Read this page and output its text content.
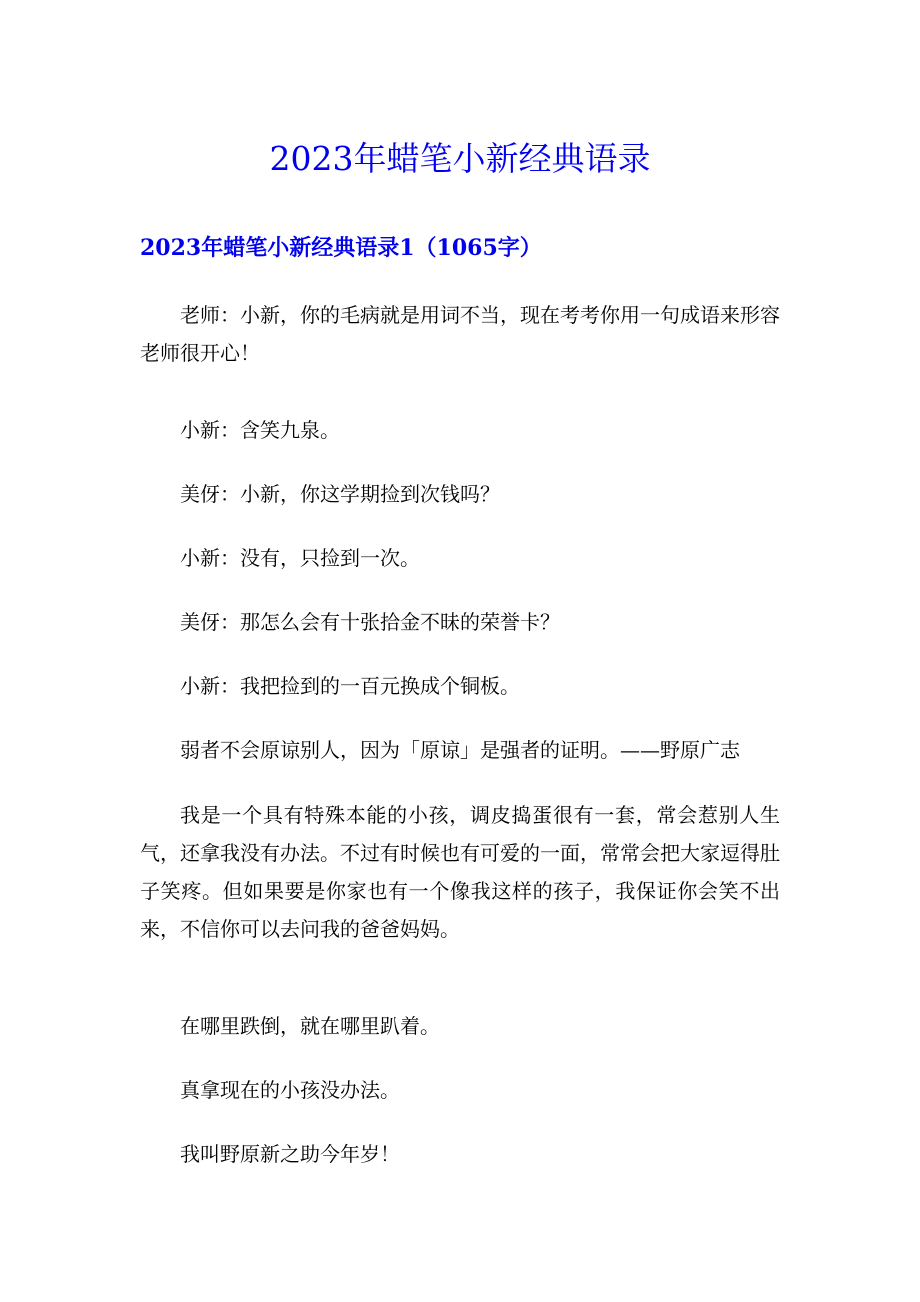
2023年蜡笔小新经典语录
2023年蜡笔小新经典语录1（1065字）

老师：小新，你的毛病就是用词不当，现在考考你用一句成语来形容老师很开心！

小新：含笑九泉。

美伢：小新，你这学期捡到次钱吗？

小新：没有，只捡到一次。

美伢：那怎么会有十张拾金不昧的荣誉卡？

小新：我把捡到的一百元换成个铜板。

弱者不会原谅别人，因为「原谅」是强者的证明。——野原广志

我是一个具有特殊本能的小孩，调皮捣蛋很有一套，常会惹别人生气，还拿我没有办法。不过有时候也有可爱的一面，常常会把大家逗得肚子笑疼。但如果要是你家也有一个像我这样的孩子，我保证你会笑不出来，不信你可以去问我的爸爸妈妈。

在哪里跌倒，就在哪里趴着。

真拿现在的小孩没办法。

我叫野原新之助今年岁！
